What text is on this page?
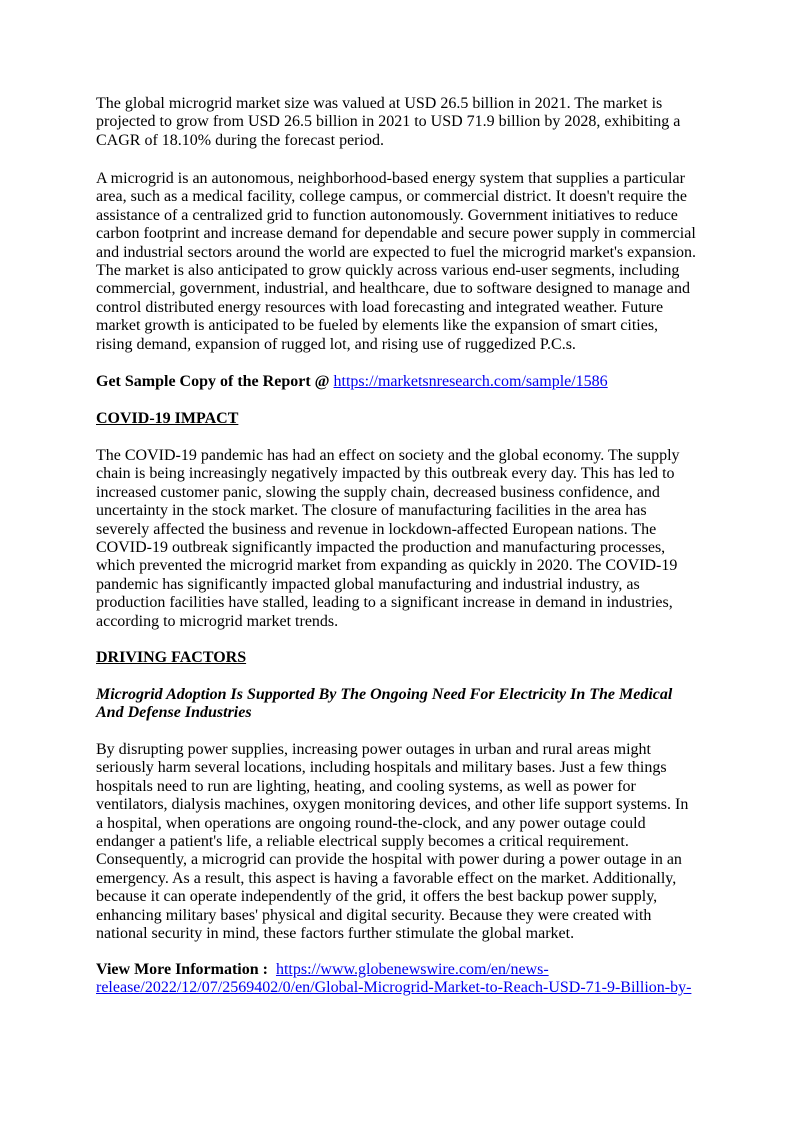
The global microgrid market size was valued at USD 26.5 billion in 2021. The market is
projected to grow from USD 26.5 billion in 2021 to USD 71.9 billion by 2028, exhibiting a
CAGR of 18.10% during the forecast period.
A microgrid is an autonomous, neighborhood-based energy system that supplies a particular
area, such as a medical facility, college campus, or commercial district. It doesn't require the
assistance of a centralized grid to function autonomously. Government initiatives to reduce
carbon footprint and increase demand for dependable and secure power supply in commercial
and industrial sectors around the world are expected to fuel the microgrid market's expansion.
The market is also anticipated to grow quickly across various end-user segments, including
commercial, government, industrial, and healthcare, due to software designed to manage and
control distributed energy resources with load forecasting and integrated weather. Future
market growth is anticipated to be fueled by elements like the expansion of smart cities,
rising demand, expansion of rugged lot, and rising use of ruggedized P.C.s.
Get Sample Copy of the Report @ https://marketsnresearch.com/sample/1586
COVID-19 IMPACT
The COVID-19 pandemic has had an effect on society and the global economy. The supply
chain is being increasingly negatively impacted by this outbreak every day. This has led to
increased customer panic, slowing the supply chain, decreased business confidence, and
uncertainty in the stock market. The closure of manufacturing facilities in the area has
severely affected the business and revenue in lockdown-affected European nations. The
COVID-19 outbreak significantly impacted the production and manufacturing processes,
which prevented the microgrid market from expanding as quickly in 2020. The COVID-19
pandemic has significantly impacted global manufacturing and industrial industry, as
production facilities have stalled, leading to a significant increase in demand in industries,
according to microgrid market trends.
DRIVING FACTORS
Microgrid Adoption Is Supported By The Ongoing Need For Electricity In The Medical
And Defense Industries
By disrupting power supplies, increasing power outages in urban and rural areas might
seriously harm several locations, including hospitals and military bases. Just a few things
hospitals need to run are lighting, heating, and cooling systems, as well as power for
ventilators, dialysis machines, oxygen monitoring devices, and other life support systems. In
a hospital, when operations are ongoing round-the-clock, and any power outage could
endanger a patient's life, a reliable electrical supply becomes a critical requirement.
Consequently, a microgrid can provide the hospital with power during a power outage in an
emergency. As a result, this aspect is having a favorable effect on the market. Additionally,
because it can operate independently of the grid, it offers the best backup power supply,
enhancing military bases' physical and digital security. Because they were created with
national security in mind, these factors further stimulate the global market.
View More Information : https://www.globenewswire.com/en/news-
release/2022/12/07/2569402/0/en/Global-Microgrid-Market-to-Reach-USD-71-9-Billion-by-
